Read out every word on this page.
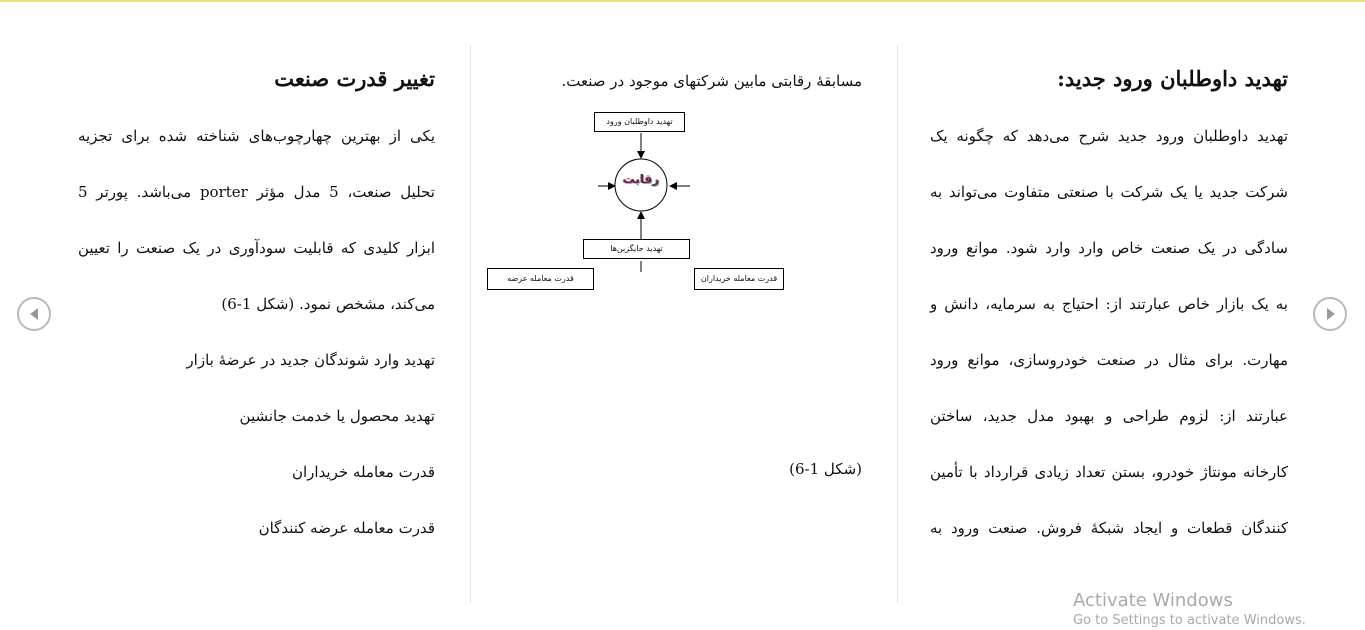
تهدید داوطلبان ورود جدید:
تهدید داوطلبان ورود جدید شرح می‌دهد که چگونه یک
شرکت جدید یا یک شرکت با صنعتی متفاوت می‌تواند به
سادگی در یک صنعت خاص وارد وارد شود. موانع ورود
به یک بازار خاص عبارتند از: احتیاج به سرمایه، دانش و
مهارت. برای مثال در صنعت خودروسازی، موانع ورود
عبارتند از: لزوم طراحی و بهبود مدل جدید، ساختن
کارخانه مونتاژ خودرو، بستن تعداد زیادی قرارداد با تأمین
کنندگان قطعات و ایجاد شبکهٔ فروش. صنعت ورود به
مسابقهٔ رقابتی مابین شرکتهای موجود در صنعت.
تهدید داوطلبان ورود
رقابت
تهدید جایگزین‌ها
قدرت معامله عرضه	قدرت معامله خریداران
(شکل 1-6)
تغییر قدرت صنعت
یکی از بهترین چهارچوب‌های شناخته شده برای تجزیه
تحلیل صنعت، 5 مدل مؤثر porter می‌باشد. پورتر 5
ابزار کلیدی که قابلیت سودآوری در یک صنعت را تعیین
می‌کند، مشخص نمود. (شکل 1-6)
تهدید وارد شوندگان جدید در عرضهٔ بازار
تهدید محصول یا خدمت جانشین
قدرت معامله خریداران
قدرت معامله عرضه کنندگان
Activate Windows
Go to Settings to activate Windows.
